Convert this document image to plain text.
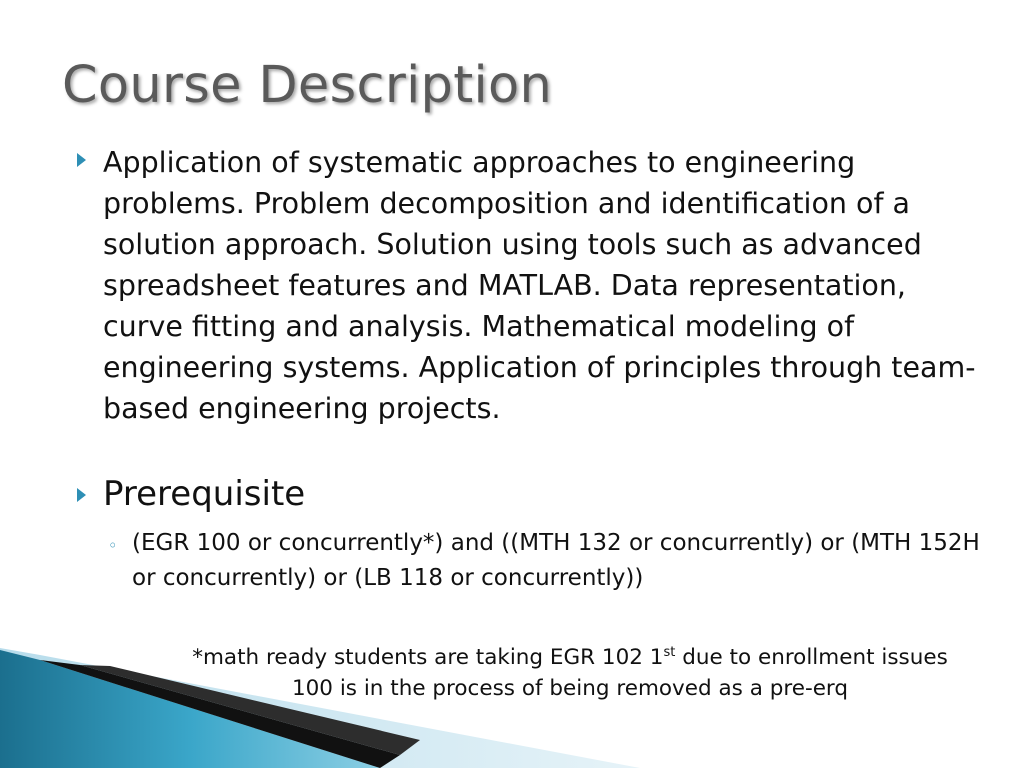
Course Description

Application of systematic approaches to engineering problems. Problem decomposition and identification of a solution approach. Solution using tools such as advanced spreadsheet features and MATLAB. Data representation, curve fitting and analysis. Mathematical modeling of engineering systems. Application of principles through team-based engineering projects.

Prerequisite

◦ (EGR 100 or concurrently*) and ((MTH 132 or concurrently) or (MTH 152H or concurrently) or (LB 118 or concurrently))

*math ready students are taking EGR 102 1st due to enrollment issues
100 is in the process of being removed as a pre-erq
